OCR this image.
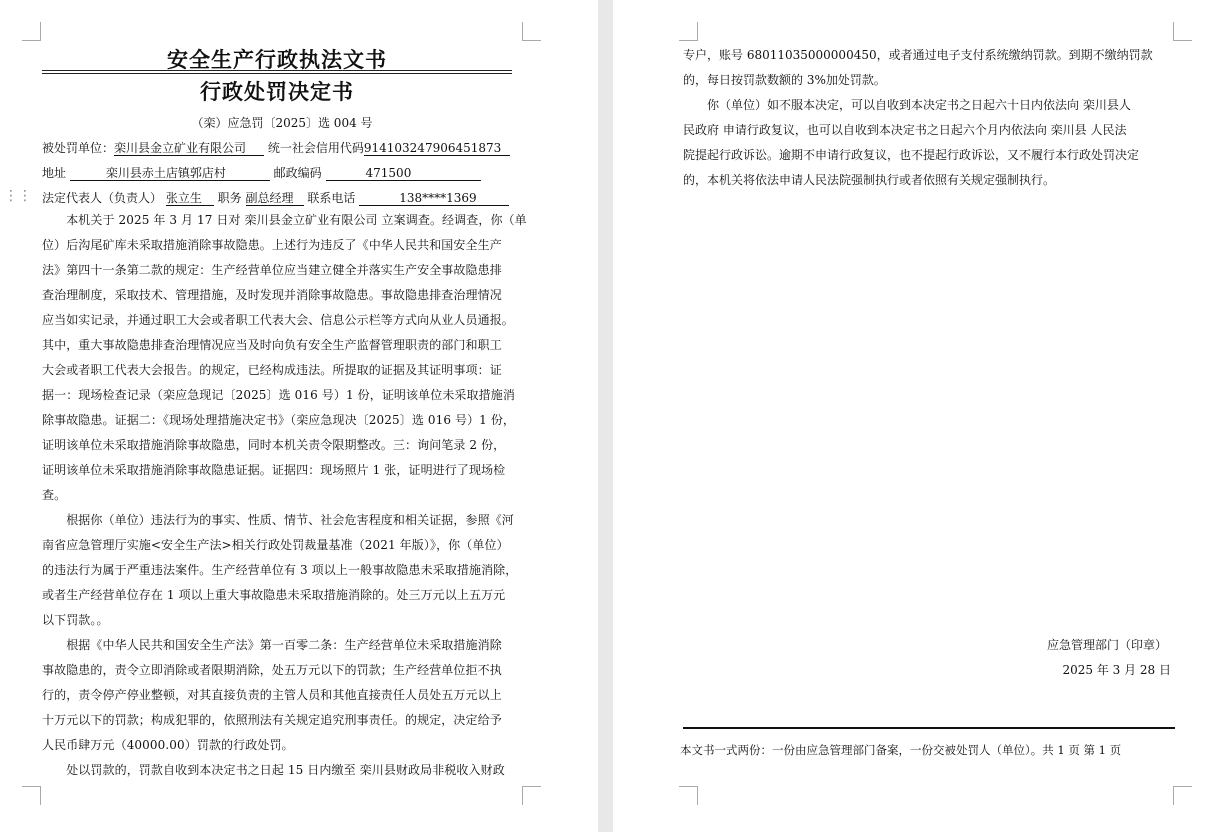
⋮⋮
安全生产行政执法文书
行政处罚决定书
（栾）应急罚〔2025〕选 004 号
被处罚单位：栾川县金立矿业有限公司 统一社会信用代码914103247906451873
地址	栾川县赤土店镇郭店村	邮政编码	471500
法定代表人（负责人） 张立生 职务 副总经理 联系电话	138****1369
　　本机关于 2025 年 3 月 17 日对 栾川县金立矿业有限公司 立案调查。经调查，你（单
位）后沟尾矿库未采取措施消除事故隐患。上述行为违反了《中华人民共和国安全生产
法》第四十一条第二款的规定：生产经营单位应当建立健全并落实生产安全事故隐患排
查治理制度，采取技术、管理措施，及时发现并消除事故隐患。事故隐患排查治理情况
应当如实记录，并通过职工大会或者职工代表大会、信息公示栏等方式向从业人员通报。
其中，重大事故隐患排查治理情况应当及时向负有安全生产监督管理职责的部门和职工
大会或者职工代表大会报告。的规定，已经构成违法。所提取的证据及其证明事项：证
据一：现场检查记录（栾应急现记〔2025〕选 016 号）1 份，证明该单位未采取措施消
除事故隐患。证据二：《现场处理措施决定书》（栾应急现决〔2025〕选 016 号）1 份，
证明该单位未采取措施消除事故隐患，同时本机关责令限期整改。三：询问笔录 2 份，
证明该单位未采取措施消除事故隐患证据。证据四：现场照片 1 张，证明进行了现场检
查。
　　根据你（单位）违法行为的事实、性质、情节、社会危害程度和相关证据，参照《河
南省应急管理厅实施<安全生产法>相关行政处罚裁量基准（2021 年版）》，你（单位）
的违法行为属于严重违法案件。生产经营单位有 3 项以上一般事故隐患未采取措施消除，
或者生产经营单位存在 1 项以上重大事故隐患未采取措施消除的。处三万元以上五万元
以下罚款。。
　　根据《中华人民共和国安全生产法》第一百零二条：生产经营单位未采取措施消除
事故隐患的，责令立即消除或者限期消除，处五万元以下的罚款；生产经营单位拒不执
行的，责令停产停业整顿，对其直接负责的主管人员和其他直接责任人员处五万元以上
十万元以下的罚款；构成犯罪的，依照刑法有关规定追究刑事责任。的规定，决定给予
人民币肆万元（40000.00）罚款的行政处罚。
　　处以罚款的，罚款自收到本决定书之日起 15 日内缴至 栾川县财政局非税收入财政
专户，账号 68011035000000450，或者通过电子支付系统缴纳罚款。到期不缴纳罚款
的，每日按罚款数额的 3%加处罚款。
　　你（单位）如不服本决定，可以自收到本决定书之日起六十日内依法向 栾川县人
民政府 申请行政复议，也可以自收到本决定书之日起六个月内依法向 栾川县 人民法
院提起行政诉讼。逾期不申请行政复议，也不提起行政诉讼，又不履行本行政处罚决定
的，本机关将依法申请人民法院强制执行或者依照有关规定强制执行。
应急管理部门（印章）
2025 年 3 月 28 日
本文书一式两份：一份由应急管理部门备案，一份交被处罚人（单位）。共 1 页 第 1 页
